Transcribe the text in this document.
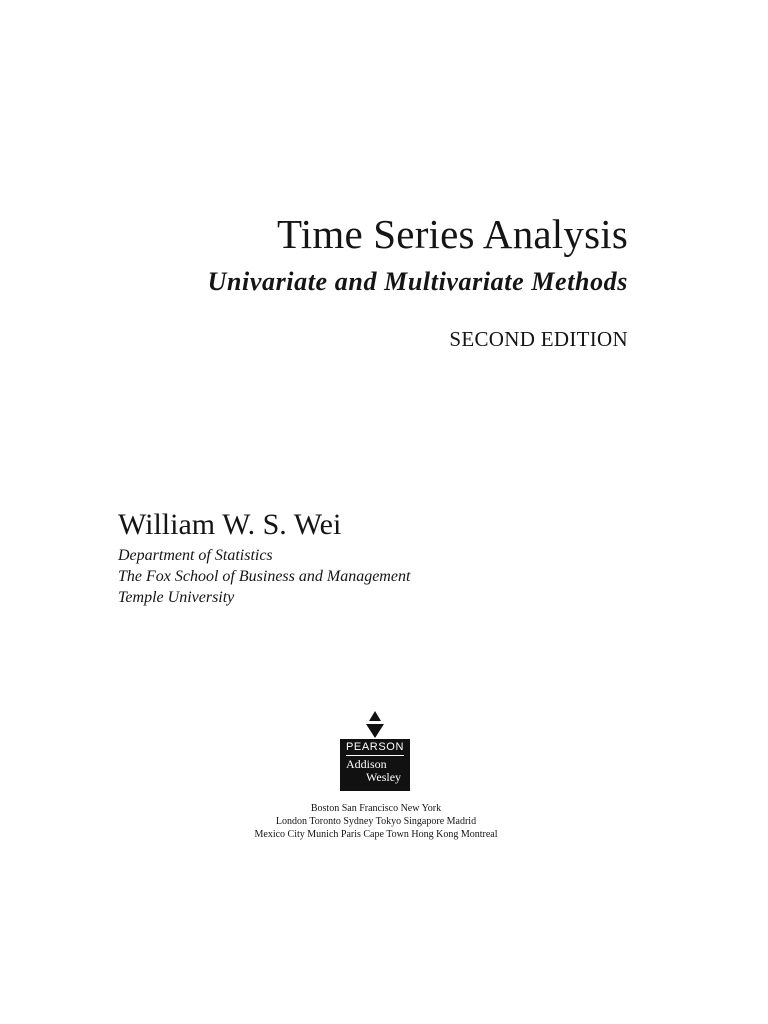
Time Series Analysis
Univariate and Multivariate Methods
SECOND EDITION
William W. S. Wei
Department of Statistics
The Fox School of Business and Management
Temple University
PEARSON
Addison
Wesley
Boston San Francisco New York
London Toronto Sydney Tokyo Singapore Madrid
Mexico City Munich Paris Cape Town Hong Kong Montreal
